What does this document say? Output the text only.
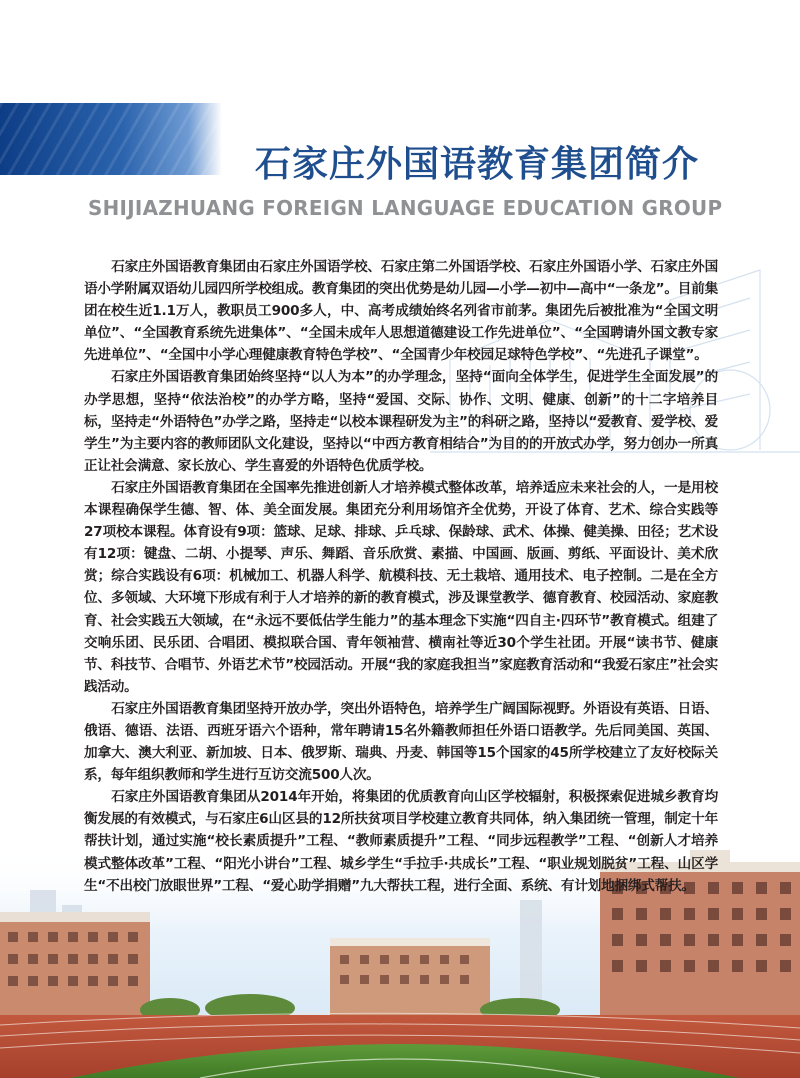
石家庄外国语教育集团简介
SHIJIAZHUANG FOREIGN LANGUAGE EDUCATION GROUP

石家庄外国语教育集团由石家庄外国语学校、石家庄第二外国语学校、石家庄外国语小学、石家庄外国语小学附属双语幼儿园四所学校组成。教育集团的突出优势是幼儿园—小学—初中—高中“一条龙”。目前集团在校生近1.1万人，教职员工900多人，中、高考成绩始终名列省市前茅。集团先后被批准为“全国文明单位”、“全国教育系统先进集体”、“全国未成年人思想道德建设工作先进单位”、“全国聘请外国文教专家先进单位”、“全国中小学心理健康教育特色学校”、“全国青少年校园足球特色学校”、“先进孔子课堂”。

石家庄外国语教育集团始终坚持“以人为本”的办学理念，坚持“面向全体学生，促进学生全面发展”的办学思想，坚持“依法治校”的办学方略，坚持“爱国、交际、协作、文明、健康、创新”的十二字培养目标，坚持走“外语特色”办学之路，坚持走“以校本课程研发为主”的科研之路，坚持以“爱教育、爱学校、爱学生”为主要内容的教师团队文化建设，坚持以“中西方教育相结合”为目的的开放式办学，努力创办一所真正让社会满意、家长放心、学生喜爱的外语特色优质学校。

石家庄外国语教育集团在全国率先推进创新人才培养模式整体改革，培养适应未来社会的人，一是用校本课程确保学生德、智、体、美全面发展。集团充分利用场馆齐全优势，开设了体育、艺术、综合实践等27项校本课程。体育设有9项：篮球、足球、排球、乒乓球、保龄球、武术、体操、健美操、田径；艺术设有12项：键盘、二胡、小提琴、声乐、舞蹈、音乐欣赏、素描、中国画、版画、剪纸、平面设计、美术欣赏；综合实践设有6项：机械加工、机器人科学、航模科技、无土栽培、通用技术、电子控制。二是在全方位、多领域、大环境下形成有利于人才培养的新的教育模式，涉及课堂教学、德育教育、校园活动、家庭教育、社会实践五大领域，在“永远不要低估学生能力”的基本理念下实施“四自主·四环节”教育模式。组建了交响乐团、民乐团、合唱团、模拟联合国、青年领袖营、横南社等近30个学生社团。开展“读书节、健康节、科技节、合唱节、外语艺术节”校园活动。开展“我的家庭我担当”家庭教育活动和“我爱石家庄”社会实践活动。

石家庄外国语教育集团坚持开放办学，突出外语特色，培养学生广阔国际视野。外语设有英语、日语、俄语、德语、法语、西班牙语六个语种，常年聘请15名外籍教师担任外语口语教学。先后同美国、英国、加拿大、澳大利亚、新加坡、日本、俄罗斯、瑞典、丹麦、韩国等15个国家的45所学校建立了友好校际关系，每年组织教师和学生进行互访交流500人次。

石家庄外国语教育集团从2014年开始，将集团的优质教育向山区学校辐射，积极探索促进城乡教育均衡发展的有效模式，与石家庄6山区县的12所扶贫项目学校建立教育共同体，纳入集团统一管理，制定十年帮扶计划，通过实施“校长素质提升”工程、“教师素质提升”工程、“同步远程教学”工程、“创新人才培养模式整体改革”工程、“阳光小讲台”工程、城乡学生“手拉手·共成长”工程、“职业规划脱贫”工程、山区学生“不出校门放眼世界”工程、“爱心助学捐赠”九大帮扶工程，进行全面、系统、有计划地捆绑式帮扶。
